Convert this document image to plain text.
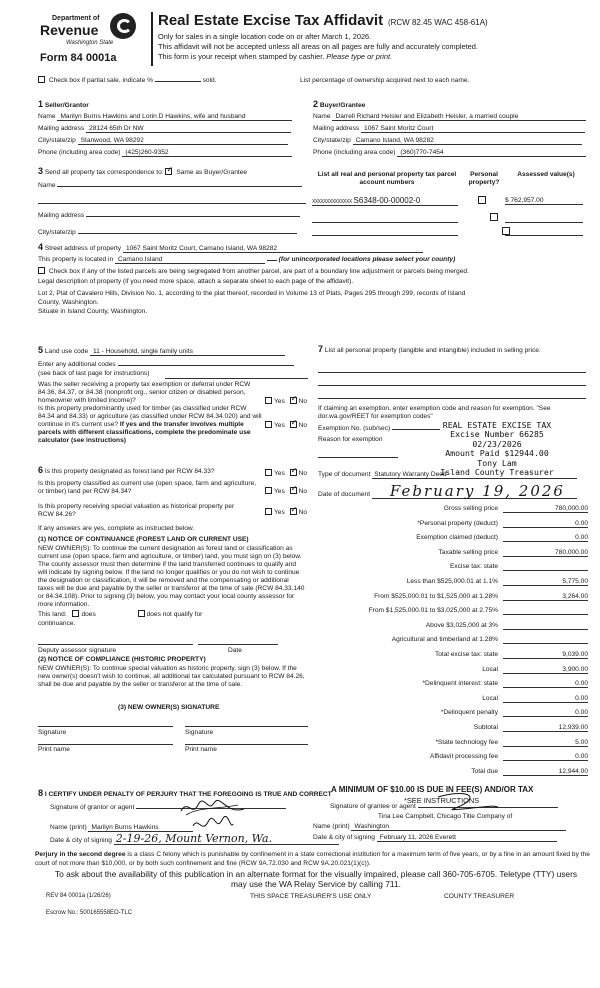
Department of
Revenue
Washington State
Form 84 0001a
Real Estate Excise Tax Affidavit (RCW 82.45 WAC 458-61A)
Only for sales in a single location code on or after March 1, 2026.
This affidavit will not be accepted unless all areas on all pages are fully and accurately completed.
This form is your receipt when stamped by cashier. Please type or print.
Check box if partial sale, indicate %	sold.	List percentage of ownership acquired next to each name.
1 Seller/Grantor
Name Marilyn Burns Hawkins and Lorin D Hawkins, wife and husband
Mailing address 28124 65th Dr NW
City/state/zip Stanwood, WA 98292
Phone (including area code) (425)260-9352
2 Buyer/Grantee
Name Darrell Richard Heisler and Elizabeth Heisler, a married couple
Mailing address 1067 Saint Moritz Court
City/state/zip Camano Island, WA 98282
Phone (including area code) (360)770-7454
3 Send all property tax correspondence to: ✓ Same as Buyer/Grantee
Name
Mailing address
City/state/zip
List all real and personal property tax parcel account numbers
Personal property?
Assessed value(s)
XXXXXXXXXXXXXX S6348-00-00002-0
	$ 762,957.00

4 Street address of property 1067 Saint Moritz Court, Camano Island, WA 98282
This property is located in Camano Island	(for unincorporated locations please select your county)
Check box if any of the listed parcels are being segregated from another parcel, are part of a boundary line adjustment or parcels being merged.
Legal description of property (if you need more space, attach a separate sheet to each page of the affidavit).
Lot 2, Plat of Cavalero Hills, Division No. 1, according to the plat thereof, recorded in Volume 13 of Plats, Pages 295 through 299, records of Island
County, Washington.
Situate in Island County, Washington.
5 Land use code 11 - Household, single family units
Enter any additional codes
(see back of last page for instructions)
Was the seller receiving a property tax exemption or deferral under RCW 84.36, 84.37, or 84.38 (nonprofit org., senior citizen or disabled person, homeowner with limited income)?	Yes ✓ No
Is this property predominantly used for timber (as classified under RCW 84.34 and 84.33) or agriculture (as classified under RCW 84.34.020) and will continue in it's current use? If yes and the transfer involves multiple parcels with different classifications, complete the predominate use calculator (see instructions)
Yes ✓ No
6 Is this property designated as forest land per RCW 84.33?	Yes ✓ No
Is this property classified as current use (open space, farm and agriculture, or timber) land per RCW 84.34?	Yes ✓ No
Is this property receiving special valuation as historical property per RCW 84.26?	Yes ✓ No
If any answers are yes, complete as instructed below.
(1) NOTICE OF CONTINUANCE (FOREST LAND OR CURRENT USE)
NEW OWNER(S): To continue the current designation as forest land or classification as current use (open space, farm and agriculture, or timber) land, you must sign on (3) below. The county assessor must then determine if the land transferred continues to qualify and will indicate by signing below. If the land no longer qualifies or you do not wish to continue the designation or classification, it will be removed and the compensating or additional taxes will be due and payable by the seller or transferor at the time of sale (RCW 84.33.140 or 84.34.108). Prior to signing (3) below, you may contact your local county assessor for more information.
This land: does	does not qualify for
continuance.
Deputy assessor signature	Date
(2) NOTICE OF COMPLIANCE (HISTORIC PROPERTY)
NEW OWNER(S): To continue special valuation as historic property, sign (3) below. If the new owner(s) doesn't wish to continue, all additional tax calculated pursuant to RCW 84.26, shall be due and payable by the seller or transferor at the time of sale.
(3) NEW OWNER(S) SIGNATURE
Signature	Signature
Print name	Print name
7 List all personal property (tangible and intangible) included in selling price.
If claiming an exemption, enter exemption code and reason for exemption. "See dor.wa.gov/REET for exemption codes"
Exemption No. (sub/sec)
Reason for exemption
REAL ESTATE EXCISE TAX
Excise Number 66285
02/23/2026
Amount Paid $12944.00
Tony Lam
Island County Treasurer
Type of document Statutory Warranty Deed
Date of document February 19, 2026
Gross selling price	780,000.00
*Personal property (deduct)	0.00
Exemption claimed (deduct)	0.00
Taxable selling price	780,000.00
Excise tax: state
Less than $525,000.01 at 1.1%	5,775.00
From $525,000.01 to $1,525,000 at 1.28%	3,264.00
From $1,525,000.01 to $3,025,000 at 2.75%
Above $3,025,000 at 3%
Agricultural and timberland at 1.28%
Total excise tax: state	9,039.00
Local	3,900.00
*Delinquent interest: state	0.00
Local	0.00
*Delinquent penalty	0.00
Subtotal	12,939.00
*State technology fee	5.00
Affidavit processing fee	0.00
Total due	12,944.00
A MINIMUM OF $10.00 IS DUE IN FEE(S) AND/OR TAX
*SEE INSTRUCTIONS
8 I CERTIFY UNDER PENALTY OF PERJURY THAT THE FOREGOING IS TRUE AND CORRECT
Signature of grantor or agent	Signature of grantee or agent
Tina Lee Campbell, Chicago Title Company of
Name (print) Marilyn Burns Hawkins	Name (print) Washington
Date & city of signing 2-19-26, Mount Vernon, Wa.	Date & city of signing February 11, 2026 Everett
Perjury in the second degree is a class C felony which is punishable by confinement in a state correctional institution for a maximum term of five years, or by a fine in an amount fixed by the court of not more than $10,000, or by both such confinement and fine (RCW 9A.72.030 and RCW 9A.20.021(1)(c)).
To ask about the availability of this publication in an alternate format for the visually impaired, please call 360-705-6705. Teletype (TTY) users may use the WA Relay Service by calling 711.
REV 84 0001a (1/26/26)	THIS SPACE TREASURER'S USE ONLY	COUNTY TREASURER
Escrow No.: 500165558EO-TLC
